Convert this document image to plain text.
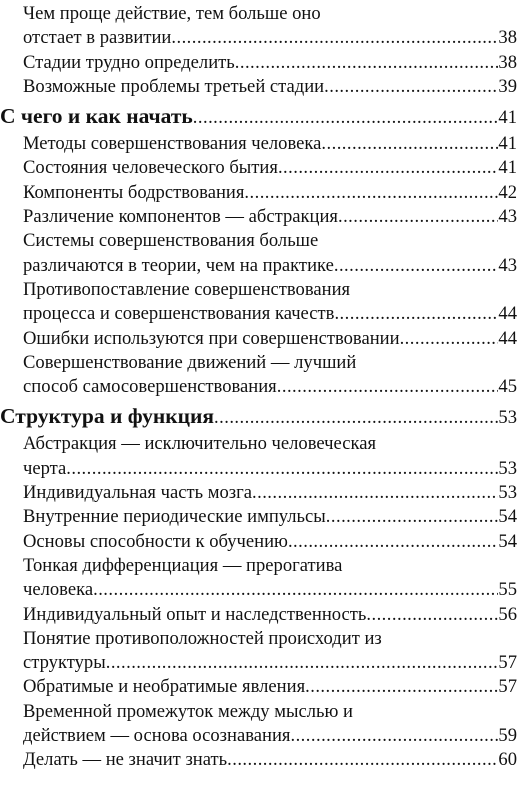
Чем проще действие, тем больше оно
отстает в развитии . . .	38
Стадии трудно определить . . .	38
Возможные проблемы третьей стадии . . .	39
С чего и как начать . . .	41
Методы совершенствования человека . . .	41
Состояния человеческого бытия . . .	41
Компоненты бодрствования . . .	42
Различение компонентов — абстракция . . .	43
Системы совершенствования больше
различаются в теории, чем на практике . . .	43
Противопоставление совершенствования
процесса и совершенствования качеств . . .	44
Ошибки используются при совершенствовании . . .	44
Совершенствование движений — лучший
способ самосовершенствования . . .	45
Структура и функция . . .	53
Абстракция — исключительно человеческая
черта . . .	53
Индивидуальная часть мозга . . .	53
Внутренние периодические импульсы . . .	54
Основы способности к обучению . . .	54
Тонкая дифференциация — прерогатива
человека . . .	55
Индивидуальный опыт и наследственность . . .	56
Понятие противоположностей происходит из
структуры . . .	57
Обратимые и необратимые явления . . .	57
Временной промежуток между мыслью и
действием — основа осознавания . . .	59
Делать — не значит знать . . .	60
